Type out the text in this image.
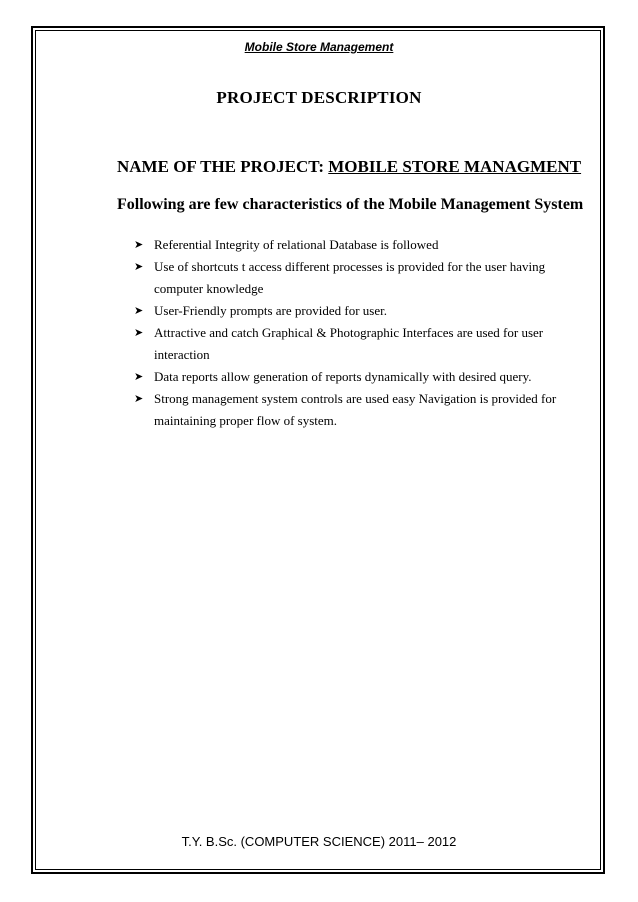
Mobile Store Management
PROJECT DESCRIPTION
NAME OF THE PROJECT: MOBILE STORE MANAGMENT
Following are few characteristics of the Mobile Management System
➤ Referential Integrity of relational Database is followed
➤ Use of shortcuts t access different processes is provided for the user having computer knowledge
➤ User-Friendly prompts are provided for user.
➤ Attractive and catch Graphical & Photographic Interfaces are used for user interaction
➤ Data reports allow generation of reports dynamically with desired query.
➤ Strong management system controls are used easy Navigation is provided for maintaining proper flow of system.
T.Y. B.Sc. (COMPUTER SCIENCE) 2011– 2012
